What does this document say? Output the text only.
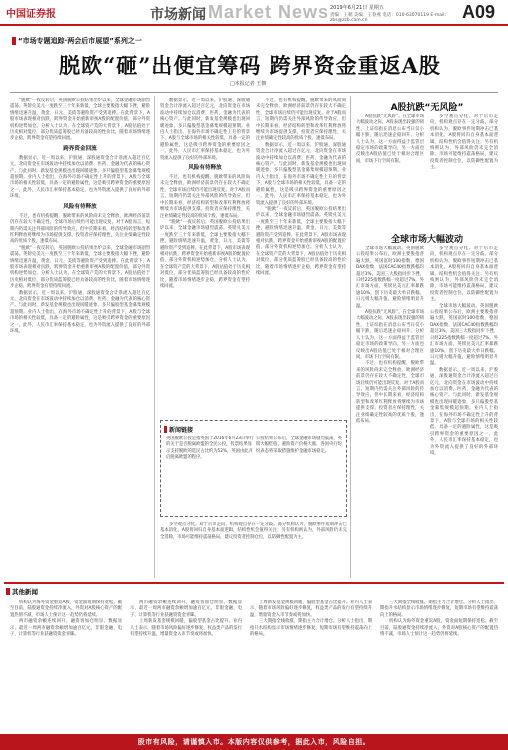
中国证券报	市场新闻 Market News 2019年6月21日 星期五
责编：王朝 美编：王春燕 电话：010-63070119 E-mail: zbs@zzb.com.cn	A09
“市场专题追踪·两会后市展望”系列之一
脱欧“砸”出便宜筹码 跨界资金重返A股
□本报记者 王朝
“脱欧”一夜反转后，英国脱欧公投结果出炉以来，全球金融市场剧烈震荡。英镑兑美元一度跌至三十年来新低，全球主要股指大幅下挫，避险情绪迅速升温，黄金、日元、美债等避险资产受到追捧。在此背景下，A股市场表现相对抗跌，跨界资金开始重新审视A股的配置价值，部分外资机构逆势加仓。分析人士认为，在全球资产荒的大背景下，A股估值处于历史相对低位，部分优质蓝筹股已经具备较高的性价比，随着市场情绪逐步企稳，跨界资金有望持续回流。
跨界资金回流
数据显示，近一周以来，沪股通、深股通资金合计净流入超过百亿元，北向资金在市场波动中持续加仓以消费、医药、金融为代表的核心资产。与此同时，新发基金规模也出现回暖迹象，多只偏股型基金募集规模超预期。业内人士指出，在海外市场不确定性上升的背景下，A股与全球市场的相关性较低，具备一定的避险属性，这是吸引跨界资金的重要原因之一。此外，人民币汇率保持基本稳定，也为外资流入提供了良好的外部环境。
风险有待释放
不过，也有机构提醒，脱欧带来的风险尚未完全释放，欧洲经济前景仍存在较大不确定性，全球市场后续仍可能出现反复。对于A股而言，短期内仍需关注外部风险的传导效应，但中长期来看，经济结构转型和改革红利释放将继续为市场提供支撑。投资者应保持理性，关注业绩确定性较高的优质个股，逢低布局。
“脱欧”一夜反转后，英国脱欧公投结果出炉以来，全球金融市场剧烈震荡。英镑兑美元一度跌至三十年来新低，全球主要股指大幅下挫，避险情绪迅速升温，黄金、日元、美债等避险资产受到追捧。在此背景下，A股市场表现相对抗跌，跨界资金开始重新审视A股的配置价值，部分外资机构逆势加仓。分析人士认为，在全球资产荒的大背景下，A股估值处于历史相对低位，部分优质蓝筹股已经具备较高的性价比，随着市场情绪逐步企稳，跨界资金有望持续回流。
数据显示，近一周以来，沪股通、深股通资金合计净流入超过百亿元，北向资金在市场波动中持续加仓以消费、医药、金融为代表的核心资产。与此同时，新发基金规模也出现回暖迹象，多只偏股型基金募集规模超预期。业内人士指出，在海外市场不确定性上升的背景下，A股与全球市场的相关性较低，具备一定的避险属性，这是吸引跨界资金的重要原因之一。此外，人民币汇率保持基本稳定，也为外资流入提供了良好的外部环境。
数据显示，近一周以来，沪股通、深股通资金合计净流入超过百亿元，北向资金在市场波动中持续加仓以消费、医药、金融为代表的核心资产。与此同时，新发基金规模也出现回暖迹象，多只偏股型基金募集规模超预期。业内人士指出，在海外市场不确定性上升的背景下，A股与全球市场的相关性较低，具备一定的避险属性，这是吸引跨界资金的重要原因之一。此外，人民币汇率保持基本稳定，也为外资流入提供了良好的外部环境。
风险有待释放
不过，也有机构提醒，脱欧带来的风险尚未完全释放，欧洲经济前景仍存在较大不确定性，全球市场后续仍可能出现反复。对于A股而言，短期内仍需关注外部风险的传导效应，但中长期来看，经济结构转型和改革红利释放将继续为市场提供支撑。投资者应保持理性，关注业绩确定性较高的优质个股，逢低布局。
“脱欧”一夜反转后，英国脱欧公投结果出炉以来，全球金融市场剧烈震荡。英镑兑美元一度跌至三十年来新低，全球主要股指大幅下挫，避险情绪迅速升温，黄金、日元、美债等避险资产受到追捧。在此背景下，A股市场表现相对抗跌，跨界资金开始重新审视A股的配置价值，部分外资机构逆势加仓。分析人士认为，在全球资产荒的大背景下，A股估值处于历史相对低位，部分优质蓝筹股已经具备较高的性价比，随着市场情绪逐步企稳，跨界资金有望持续回流。
不过，也有机构提醒，脱欧带来的风险尚未完全释放，欧洲经济前景仍存在较大不确定性，全球市场后续仍可能出现反复。对于A股而言，短期内仍需关注外部风险的传导效应，但中长期来看，经济结构转型和改革红利释放将继续为市场提供支撑。投资者应保持理性，关注业绩确定性较高的优质个股，逢低布局。
数据显示，近一周以来，沪股通、深股通资金合计净流入超过百亿元，北向资金在市场波动中持续加仓以消费、医药、金融为代表的核心资产。与此同时，新发基金规模也出现回暖迹象，多只偏股型基金募集规模超预期。业内人士指出，在海外市场不确定性上升的背景下，A股与全球市场的相关性较低，具备一定的避险属性，这是吸引跨界资金的重要原因之一。此外，人民币汇率保持基本稳定，也为外资流入提供了良好的外部环境。
“脱欧”一夜反转后，英国脱欧公投结果出炉以来，全球金融市场剧烈震荡。英镑兑美元一度跌至三十年来新低，全球主要股指大幅下挫，避险情绪迅速升温，黄金、日元、美债等避险资产受到追捧。在此背景下，A股市场表现相对抗跌，跨界资金开始重新审视A股的配置价值，部分外资机构逆势加仓。分析人士认为，在全球资产荒的大背景下，A股估值处于历史相对低位，部分优质蓝筹股已经具备较高的性价比，随着市场情绪逐步企稳，跨界资金有望持续回流。
新闻链接
英国脱欧公投是指英国于2016年6月23日举行的关于是否脱离欧盟的全民公投，投票结果显示支持脱欧的选民占比约为52%，英国由此开启脱离欧盟的程序。
公投结果公布后，全球金融市场剧烈震荡，英镑大幅贬值，避险资产价格大涨，各国央行纷纷表态将采取措施维护金融市场稳定。
A股抗跌“无风险”
A股抗跌“无风险”。在全球市场大幅波动之际，A股表现出较强的韧性，上证综指在消息公布当日仅小幅下跌，随后迅速企稳回升。分析人士认为，这一方面得益于监管层稳定市场的政策导向，另一方面也反映出A股估值已处于相对合理区间，市场下行空间有限。
多空观点分化。对于后市走向，机构观点存在一定分歧。部分机构认为，脱欧事件短期冲击已基本消化，A股将回归自身基本面逻辑，结构性机会值得关注；另有机构则认为，外部风险仍未完全消除，市场可能维持震荡格局，建议投资者控制仓位，以防御性配置为主。
全球市场大幅波动
全球市场大幅波动。英国脱欧公投结果公布后，欧洲主要股指普遍大跌，英国富时100指数、德国DAX指数、法国CAC40指数跌幅均超过3%，美国三大股指同步下挫，日经225指数跌幅一度超过7%。外汇市场方面，英镑兑美元汇率暴跌逾10%，创下历史最大单日跌幅，日元则大幅升值，避险情绪明显升温。
A股抗跌“无风险”。在全球市场大幅波动之际，A股表现出较强的韧性，上证综指在消息公布当日仅小幅下跌，随后迅速企稳回升。分析人士认为，这一方面得益于监管层稳定市场的政策导向，另一方面也反映出A股估值已处于相对合理区间，市场下行空间有限。
不过，也有机构提醒，脱欧带来的风险尚未完全释放，欧洲经济前景仍存在较大不确定性，全球市场后续仍可能出现反复。对于A股而言，短期内仍需关注外部风险的传导效应，但中长期来看，经济结构转型和改革红利释放将继续为市场提供支撑。投资者应保持理性，关注业绩确定性较高的优质个股，逢低布局。
多空观点分化。对于后市走向，机构观点存在一定分歧。部分机构认为，脱欧事件短期冲击已基本消化，A股将回归自身基本面逻辑，结构性机会值得关注；另有机构则认为，外部风险仍未完全消除，市场可能维持震荡格局，建议投资者控制仓位，以防御性配置为主。
全球市场大幅波动。英国脱欧公投结果公布后，欧洲主要股指普遍大跌，英国富时100指数、德国DAX指数、法国CAC40指数跌幅均超过3%，美国三大股指同步下挫，日经225指数跌幅一度超过7%。外汇市场方面，英镑兑美元汇率暴跌逾10%，创下历史最大单日跌幅，日元则大幅升值，避险情绪明显升温。
数据显示，近一周以来，沪股通、深股通资金合计净流入超过百亿元，北向资金在市场波动中持续加仓以消费、医药、金融为代表的核心资产。与此同时，新发基金规模也出现回暖迹象，多只偏股型基金募集规模超预期。业内人士指出，在海外市场不确定性上升的背景下，A股与全球市场的相关性较低，具备一定的避险属性，这是吸引跨界资金的重要原因之一。此外，人民币汇率保持基本稳定，也为外资流入提供了良好的外部环境。
多空观点分化。对于后市走向，机构观点存在一定分歧。部分机构认为，脱欧事件短期冲击已基本消化，A股将回归自身基本面逻辑，结构性机会值得关注；另有机构则认为，外部风险仍未完全消除，市场可能维持震荡格局，建议投资者控制仓位，以防御性配置为主。
其他新闻
机构认为海外资金重返A股，资金面短期保持宽松。截至目前，陆股通资金持续净流入，外资对A股核心资产的配置热情不减，市场人士预计这一趋势仍将延续。
两市融资余额连续回升，融资客加仓明显。数据显示，最近一周两市融资余额增加逾百亿元，非银金融、电子、计算机等行业获融资资金青睐。
两市融资余额连续回升，融资客加仓明显。数据显示，最近一周两市融资余额增加逾百亿元，非银金融、电子、计算机等行业获融资资金青睐。
上周新发基金规模回暖，偏股型基金占比提升。业内人士表示，随着市场风险偏好逐步修复，权益类产品的发行有望持续升温，增量资金入市节奏或将加快。
上周新发基金规模回暖，偏股型基金占比提升。业内人士表示，随着市场风险偏好逐步修复，权益类产品的发行有望持续升温，增量资金入市节奏或将加快。
三大期指全线收涨，期指主力合计增仓。分析人士指出，期指升水结构显示市场情绪逐步修复，短期市场有望维持震荡向上的格局。
三大期指全线收涨，期指主力合计增仓。分析人士指出，期指升水结构显示市场情绪逐步修复，短期市场有望维持震荡向上的格局。
机构认为海外资金重返A股，资金面短期保持宽松。截至目前，陆股通资金持续净流入，外资对A股核心资产的配置热情不减，市场人士预计这一趋势仍将延续。
股市有风险，请谨慎入市。本版内容仅供参考，据此入市，风险自担。
